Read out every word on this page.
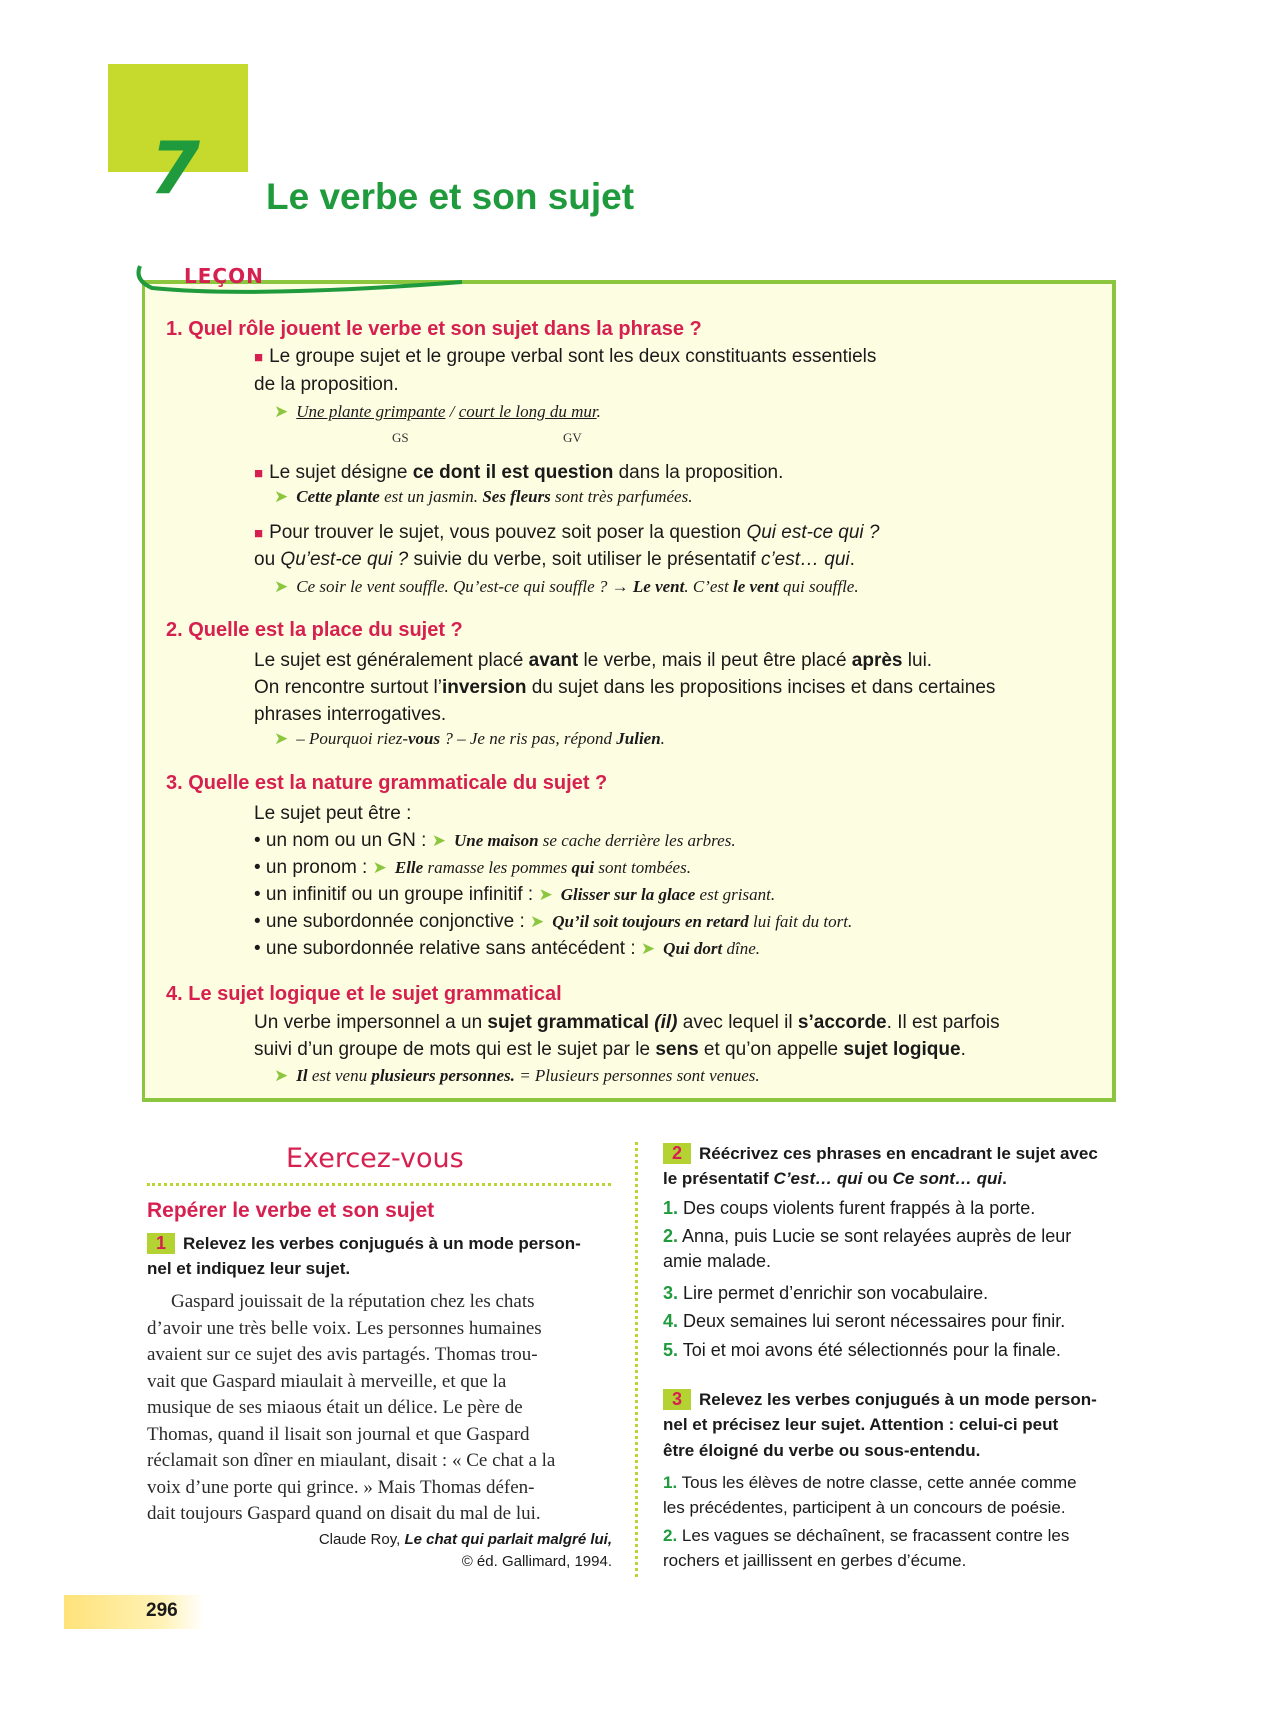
7 Le verbe et son sujet
LEÇON
1. Quel rôle jouent le verbe et son sujet dans la phrase ?
■ Le groupe sujet et le groupe verbal sont les deux constituants essentiels
de la proposition.
➤ Une plante grimpante / court le long du mur.
GS	GV
■ Le sujet désigne ce dont il est question dans la proposition.
➤ Cette plante est un jasmin. Ses fleurs sont très parfumées.
■ Pour trouver le sujet, vous pouvez soit poser la question Qui est-ce qui ?
ou Qu’est-ce qui ? suivie du verbe, soit utiliser le présentatif c’est… qui.
➤ Ce soir le vent souffle. Qu’est-ce qui souffle ? → Le vent. C’est le vent qui souffle.
2. Quelle est la place du sujet ?
Le sujet est généralement placé avant le verbe, mais il peut être placé après lui.
On rencontre surtout l’inversion du sujet dans les propositions incises et dans certaines
phrases interrogatives.
➤ – Pourquoi riez-vous ? – Je ne ris pas, répond Julien.
3. Quelle est la nature grammaticale du sujet ?
Le sujet peut être :
• un nom ou un GN : ➤ Une maison se cache derrière les arbres.
• un pronom : ➤ Elle ramasse les pommes qui sont tombées.
• un infinitif ou un groupe infinitif : ➤ Glisser sur la glace est grisant.
• une subordonnée conjonctive : ➤ Qu’il soit toujours en retard lui fait du tort.
• une subordonnée relative sans antécédent : ➤ Qui dort dîne.
4. Le sujet logique et le sujet grammatical
Un verbe impersonnel a un sujet grammatical (il) avec lequel il s’accorde. Il est parfois
suivi d’un groupe de mots qui est le sujet par le sens et qu’on appelle sujet logique.
➤ Il est venu plusieurs personnes. = Plusieurs personnes sont venues.
Exercez-vous
Repérer le verbe et son sujet
1 Relevez les verbes conjugués à un mode person-
nel et indiquez leur sujet.
Gaspard jouissait de la réputation chez les chats
d’avoir une très belle voix. Les personnes humaines
avaient sur ce sujet des avis partagés. Thomas trou-
vait que Gaspard miaulait à merveille, et que la
musique de ses miaous était un délice. Le père de
Thomas, quand il lisait son journal et que Gaspard
réclamait son dîner en miaulant, disait : « Ce chat a la
voix d’une porte qui grince. » Mais Thomas défen-
dait toujours Gaspard quand on disait du mal de lui.
Claude Roy, Le chat qui parlait malgré lui,
© éd. Gallimard, 1994.
2 Réécrivez ces phrases en encadrant le sujet avec
le présentatif C’est… qui ou Ce sont… qui.
1. Des coups violents furent frappés à la porte.
2. Anna, puis Lucie se sont relayées auprès de leur
amie malade.
3. Lire permet d’enrichir son vocabulaire.
4. Deux semaines lui seront nécessaires pour finir.
5. Toi et moi avons été sélectionnés pour la finale.
3 Relevez les verbes conjugués à un mode person-
nel et précisez leur sujet. Attention : celui-ci peut
être éloigné du verbe ou sous-entendu.
1. Tous les élèves de notre classe, cette année comme
les précédentes, participent à un concours de poésie.
2. Les vagues se déchaînent, se fracassent contre les
rochers et jaillissent en gerbes d’écume.
296
